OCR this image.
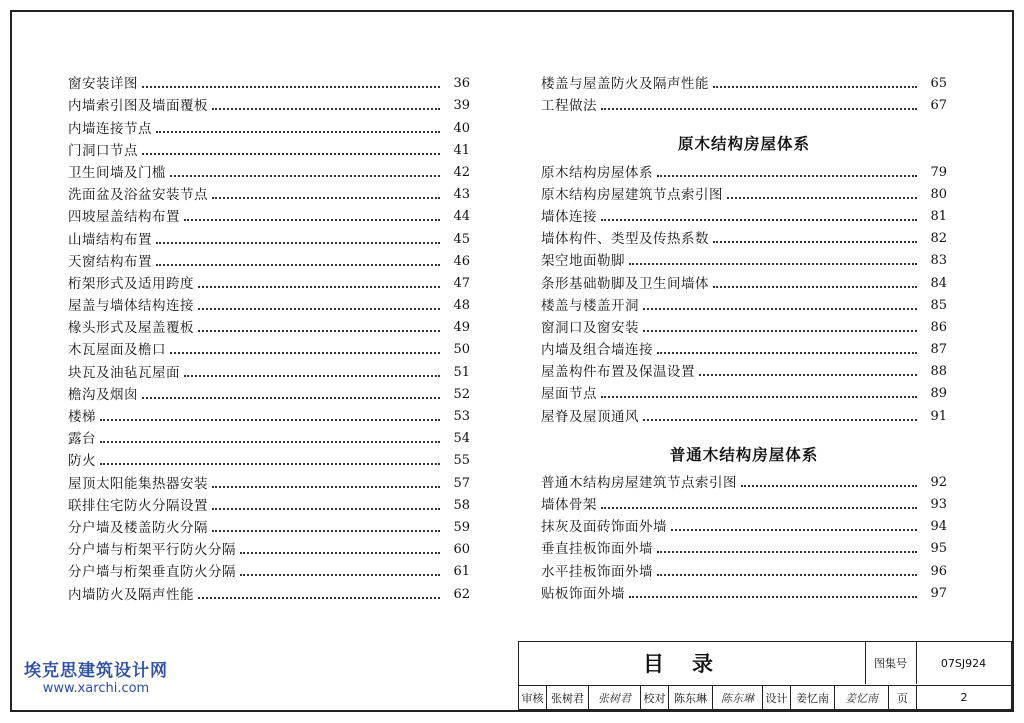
窗安装详图	36
内墙索引图及墙面覆板	39
内墙连接节点	40
门洞口节点	41
卫生间墙及门槛	42
洗面盆及浴盆安装节点	43
四坡屋盖结构布置	44
山墙结构布置	45
天窗结构布置	46
桁架形式及适用跨度	47
屋盖与墙体结构连接	48
椽头形式及屋盖覆板	49
木瓦屋面及檐口	50
块瓦及油毡瓦屋面	51
檐沟及烟囱	52
楼梯	53
露台	54
防火	55
屋顶太阳能集热器安装	57
联排住宅防火分隔设置	58
分户墙及楼盖防火分隔	59
分户墙与桁架平行防火分隔	60
分户墙与桁架垂直防火分隔	61
内墙防火及隔声性能	62
楼盖与屋盖防火及隔声性能	65
工程做法	67
原木结构房屋体系
原木结构房屋体系	79
原木结构房屋建筑节点索引图	80
墙体连接	81
墙体构件、类型及传热系数	82
架空地面勒脚	83
条形基础勒脚及卫生间墙体	84
楼盖与楼盖开洞	85
窗洞口及窗安装	86
内墙及组合墙连接	87
屋盖构件布置及保温设置	88
屋面节点	89
屋脊及屋顶通风	91
普通木结构房屋体系
普通木结构房屋建筑节点索引图	92
墙体骨架	93
抹灰及面砖饰面外墙	94
垂直挂板饰面外墙	95
水平挂板饰面外墙	96
贴板饰面外墙	97
目录	图集号	07SJ924
审核 张树君	张树君	校对 陈东琳	陈东琳	设计 姜忆南	姜忆南	页	2
埃克思建筑设计网
www.xarchi.com
